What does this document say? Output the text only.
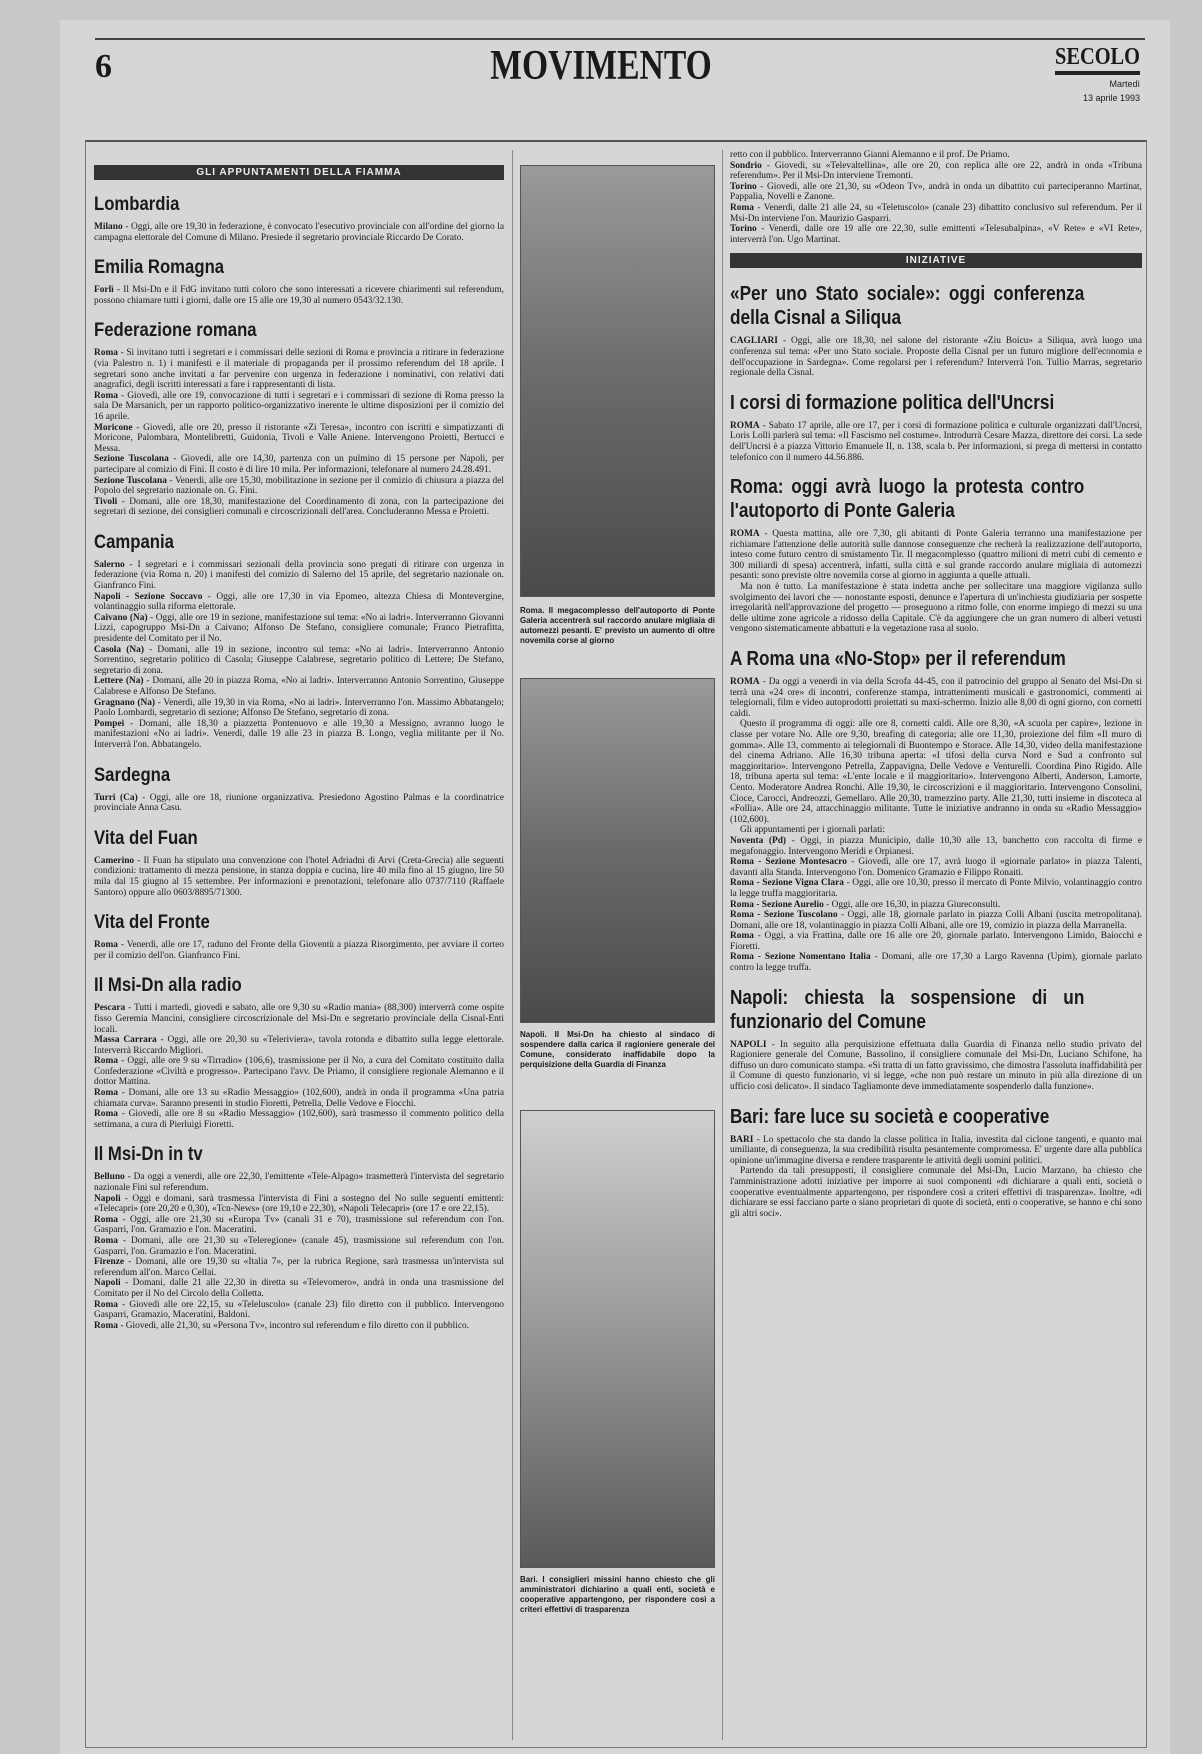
6	MOVIMENTO	SECOLO
Martedì
13 aprile 1993
GLI APPUNTAMENTI DELLA FIAMMA
Lombardia

Milano - Oggi, alle ore 19,30 in federazione, è convocato l'esecutivo provinciale con all'ordine del giorno la campagna elettorale del Comune di Milano. Presiede il segretario provinciale Riccardo De Corato.

Emilia Romagna

Forlì - Il Msi-Dn e il FdG invitano tutti coloro che sono interessati a ricevere chiarimenti sul referendum, possono chiamare tutti i giorni, dalle ore 15 alle ore 19,30 al numero 0543/32.130.

Federazione romana

Roma - Si invitano tutti i segretari e i commissari delle sezioni di Roma e provincia a ritirare in federazione (via Palestro n. 1) i manifesti e il materiale di propaganda per il prossimo referendum del 18 aprile. I segretari sono anche invitati a far pervenire con urgenza in federazione i nominativi, con relativi dati anagrafici, degli iscritti interessati a fare i rappresentanti di lista.

Roma - Giovedì, alle ore 19, convocazione di tutti i segretari e i commissari di sezione di Roma presso la sala De Marsanich, per un rapporto politico-organizzativo inerente le ultime disposizioni per il comizio del 16 aprile.

Moricone - Giovedì, alle ore 20, presso il ristorante «Zi Teresa», incontro con iscritti e simpatizzanti di Moricone, Palombara, Montelibretti, Guidonia, Tivoli e Valle Aniene. Intervengono Proietti, Bertucci e Messa.

Sezione Tuscolana - Giovedì, alle ore 14,30, partenza con un pulmino di 15 persone per Napoli, per partecipare al comizio di Fini. Il costo è di lire 10 mila. Per informazioni, telefonare al numero 24.28.491.

Sezione Tuscolana - Venerdì, alle ore 15,30, mobilitazione in sezione per il comizio di chiusura a piazza del Popolo del segretario nazionale on. G. Fini.

Tivoli - Domani, alle ore 18,30, manifestazione del Coordinamento di zona, con la partecipazione dei segretari di sezione, dei consiglieri comunali e circoscrizionali dell'area. Concluderanno Messa e Proietti.

Campania

Salerno - I segretari e i commissari sezionali della provincia sono pregati di ritirare con urgenza in federazione (via Roma n. 20) i manifesti del comizio di Salerno del 15 aprile, del segretario nazionale on. Gianfranco Fini.

Napoli - Sezione Soccavo - Oggi, alle ore 17,30 in via Epomeo, altezza Chiesa di Montevergine, volantinaggio sulla riforma elettorale.

Caivano (Na) - Oggi, alle ore 19 in sezione, manifestazione sul tema: «No ai ladri». Interverranno Giovanni Lizzi, capogruppo Msi-Dn a Caivano; Alfonso De Stefano, consigliere comunale; Franco Pietrafitta, presidente del Comitato per il No.

Casola (Na) - Domani, alle 19 in sezione, incontro sul tema: «No ai ladri». Interverranno Antonio Sorrentino, segretario politico di Casola; Giuseppe Calabrese, segretario politico di Lettere; De Stefano, segretario di zona.

Lettere (Na) - Domani, alle 20 in piazza Roma, «No ai ladri». Interverranno Antonio Sorrentino, Giuseppe Calabrese e Alfonso De Stefano.

Gragnano (Na) - Venerdì, alle 19,30 in via Roma, «No ai ladri». Interverranno l'on. Massimo Abbatangelo; Paolo Lombardi, segretario di sezione; Alfonso De Stefano, segretario di zona.

Pompei - Domani, alle 18,30 a piazzetta Pontenuovo e alle 19,30 a Messigno, avranno luogo le manifestazioni «No ai ladri». Venerdì, dalle 19 alle 23 in piazza B. Longo, veglia militante per il No. Interverrà l'on. Abbatangelo.

Sardegna

Turri (Ca) - Oggi, alle ore 18, riunione organizzativa. Presiedono Agostino Palmas e la coordinatrice provinciale Anna Casu.

Vita del Fuan

Camerino - Il Fuan ha stipulato una convenzione con l'hotel Adriadni di Arvi (Creta-Grecia) alle seguenti condizioni: trattamento di mezza pensione, in stanza doppia e cucina, lire 40 mila fino al 15 giugno, lire 50 mila dal 15 giugno al 15 settembre. Per informazioni e prenotazioni, telefonare allo 0737/7110 (Raffaele Santoro) oppure allo 0603/8895/71300.

Vita del Fronte

Roma - Venerdì, alle ore 17, raduno del Fronte della Gioventù a piazza Risorgimento, per avviare il corteo per il comizio dell'on. Gianfranco Fini.

Il Msi-Dn alla radio

Pescara - Tutti i martedì, giovedì e sabato, alle ore 9,30 su «Radio mania» (88,300) interverrà come ospite fisso Geremia Mancini, consigliere circoscrizionale del Msi-Dn e segretario provinciale della Cisnal-Enti locali.

Massa Carrara - Oggi, alle ore 20,30 su «Teleriviera», tavola rotonda e dibattito sulla legge elettorale. Interverrà Riccardo Migliori.

Roma - Oggi, alle ore 9 su «Tirradio» (106,6), trasmissione per il No, a cura del Comitato costituito dalla Confederazione «Civiltà e progresso». Partecipano l'avv. De Priamo, il consigliere regionale Alemanno e il dottor Mattina.

Roma - Domani, alle ore 13 su «Radio Messaggio» (102,600), andrà in onda il programma «Una patria chiamata curva». Saranno presenti in studio Fioretti, Petrella, Delle Vedove e Fiocchi.

Roma - Giovedì, alle ore 8 su «Radio Messaggio» (102,600), sarà trasmesso il commento politico della settimana, a cura di Pierluigi Fioretti.

Il Msi-Dn in tv

Belluno - Da oggi a venerdì, alle ore 22,30, l'emittente «Tele-Alpago» trasmetterà l'intervista del segretario nazionale Fini sul referendum.

Napoli - Oggi e domani, sarà trasmessa l'intervista di Fini a sostegno del No sulle seguenti emittenti: «Telecapri» (ore 20,20 e 0,30), «Tcn-News» (ore 19,10 e 22,30), «Napoli Telecapri» (ore 17 e ore 22,15).

Roma - Oggi, alle ore 21,30 su «Europa Tv» (canali 31 e 70), trasmissione sul referendum con l'on. Gasparri, l'on. Gramazio e l'on. Maceratini.

Roma - Domani, alle ore 21,30 su «Teleregione» (canale 45), trasmissione sul referendum con l'on. Gasparri, l'on. Gramazio e l'on. Maceratini.

Firenze - Domani, alle ore 19,30 su «Italia 7», per la rubrica Regione, sarà trasmessa un'intervista sul referendum all'on. Marco Cellai.

Napoli - Domani, dalle 21 alle 22,30 in diretta su «Televomero», andrà in onda una trasmissione del Comitato per il No del Circolo della Colletta.

Roma - Giovedì alle ore 22,15, su «Teleluscolo» (canale 23) filo diretto con il pubblico. Intervengono Gasparri, Gramazio, Maceratini, Baldoni.

Roma - Giovedì, alle 21,30, su «Persona Tv», incontro sul referendum e filo diretto con il pubblico.

Roma. Il megacomplesso dell'autoporto di Ponte Galeria accentrerà sul raccordo anulare migliaia di automezzi pesanti. E' previsto un aumento di oltre novemila corse al giorno
Napoli. Il Msi-Dn ha chiesto al sindaco di sospendere dalla carica il ragioniere generale del Comune, considerato inaffidabile dopo la perquisizione della Guardia di Finanza
Bari. I consiglieri missini hanno chiesto che gli amministratori dichiarino a quali enti, società e cooperative appartengono, per rispondere così a criteri effettivi di trasparenza

retto con il pubblico. Interverranno Gianni Alemanno e il prof. De Priamo.

Sondrio - Giovedì, su «Televaltellina», alle ore 20, con replica alle ore 22, andrà in onda «Tribuna referendum». Per il Msi-Dn interviene Tremonti.

Torino - Giovedì, alle ore 21,30, su «Odeon Tv», andrà in onda un dibattito cui parteciperanno Martinat, Pappalia, Novelli e Zanone.

Roma - Venerdì, dalle 21 alle 24, su «Teletuscolo» (canale 23) dibattito conclusivo sul referendum. Per il Msi-Dn interviene l'on. Maurizio Gasparri.

Torino - Venerdì, dalle ore 19 alle ore 22,30, sulle emittenti «Telesubalpina», «V Rete» e «VI Rete», interverrà l'on. Ugo Martinat.

INIZIATIVE
«Per uno Stato sociale»: oggi conferenza della Cisnal a Siliqua

CAGLIARI - Oggi, alle ore 18,30, nel salone del ristorante «Ziu Boicu» a Siliqua, avrà luogo una conferenza sul tema: «Per uno Stato sociale. Proposte della Cisnal per un futuro migliore dell'economia e dell'occupazione in Sardegna». Come regolarsi per i referendum? Interverrà l'on. Tullio Marras, segretario regionale della Cisnal.

I corsi di formazione politica dell'Uncrsi

ROMA - Sabato 17 aprile, alle ore 17, per i corsi di formazione politica e culturale organizzati dall'Uncrsi, Loris Lolli parlerà sul tema: «Il Fascismo nel costume». Introdurrà Cesare Mazza, direttore dei corsi. La sede dell'Uncrsi è a piazza Vittorio Emanuele II, n. 138, scala b. Per informazioni, si prega di mettersi in contatto telefonico con il numero 44.56.886.

Roma: oggi avrà luogo la protesta contro l'autoporto di Ponte Galeria

ROMA - Questa mattina, alle ore 7,30, gli abitanti di Ponte Galeria terranno una manifestazione per richiamare l'attenzione delle autorità sulle dannose conseguenze che recherà la realizzazione dell'autoporto, inteso come futuro centro di smistamento Tir. Il megacomplesso (quattro milioni di metri cubi di cemento e 300 miliardi di spesa) accentrerà, infatti, sulla città e sul grande raccordo anulare migliaia di automezzi pesanti: sono previste oltre novemila corse al giorno in aggiunta a quelle attuali.

Ma non è tutto. La manifestazione è stata indetta anche per sollecitare una maggiore vigilanza sullo svolgimento dei lavori che — nonostante esposti, denunce e l'apertura di un'inchiesta giudiziaria per sospette irregolarità nell'approvazione del progetto — proseguono a ritmo folle, con enorme impiego di mezzi su una delle ultime zone agricole a ridosso della Capitale. C'è da aggiungere che un gran numero di alberi vetusti vengono sistematicamente abbattuti e la vegetazione rasa al suolo.

A Roma una «No-Stop» per il referendum

ROMA - Da oggi a venerdì in via della Scrofa 44-45, con il patrocinio del gruppo al Senato del Msi-Dn si terrà una «24 ore» di incontri, conferenze stampa, intrattenimenti musicali e gastronomici, commenti ai telegiornali, film e video autoprodotti proiettati su maxi-schermo. Inizio alle 8,00 di ogni giorno, con cornetti caldi.

Questo il programma di oggi: alle ore 8, cornetti caldi. Alle ore 8,30, «A scuola per capire», lezione in classe per votare No. Alle ore 9,30, breafing di categoria; alle ore 11,30, proiezione del film «Il muro di gomma». Alle 13, commento ai telegiornali di Buontempo e Storace. Alle 14,30, video della manifestazione del cinema Adriano. Alle 16,30 tribuna aperta: «I tifosi della curva Nord e Sud a confronto sul maggioritario». Intervengono Petrella, Zappavigna, Delle Vedove e Venturelli. Coordina Pino Rigido. Alle 18, tribuna aperta sul tema: «L'ente locale e il maggioritario». Intervengono Alberti, Anderson, Lamorte, Cento. Moderatore Andrea Ronchi. Alle 19,30, le circoscrizioni e il maggioritario. Intervengono Consolini, Cioce, Carocci, Andreozzi, Gemellaro. Alle 20,30, tramezzino party. Alle 21,30, tutti insieme in discoteca al «Follia». Alle ore 24, attacchinaggio militante. Tutte le iniziative andranno in onda su «Radio Messaggio» (102,600).

Gli appuntamenti per i giornali parlati:

Noventa (Pd) - Oggi, in piazza Municipio, dalle 10,30 alle 13, banchetto con raccolta di firme e megafonaggio. Intervengono Meridi e Orpianesi.

Roma - Sezione Montesacro - Giovedì, alle ore 17, avrà luogo il «giornale parlato» in piazza Talenti, davanti alla Standa. Intervengono l'on. Domenico Gramazio e Filippo Ronaiti.

Roma - Sezione Vigna Clara - Oggi, alle ore 10,30, presso il mercato di Ponte Milvio, volantinaggio contro la legge truffa maggioritaria.

Roma - Sezione Aurelio - Oggi, alle ore 16,30, in piazza Giureconsulti.

Roma - Sezione Tuscolano - Oggi, alle 18, giornale parlato in piazza Colli Albani (uscita metropolitana). Domani, alle ore 18, volantinaggio in piazza Colli Albani, alle ore 19, comizio in piazza della Marranella.

Roma - Oggi, a via Frattina, dalle ore 16 alle ore 20, giornale parlato. Intervengono Limido, Baiocchi e Fioretti.

Roma - Sezione Nomentano Italia - Domani, alle ore 17,30 a Largo Ravenna (Upim), giornale parlato contro la legge truffa.

Napoli: chiesta la sospensione di un funzionario del Comune

NAPOLI - In seguito alla perquisizione effettuata dalla Guardia di Finanza nello studio privato del Ragioniere generale del Comune, Bassolino, il consigliere comunale del Msi-Dn, Luciano Schifone, ha diffuso un duro comunicato stampa. «Si tratta di un fatto gravissimo, che dimostra l'assoluta inaffidabilità per il Comune di questo funzionario, vi si legge, «che non può restare un minuto in più alla direzione di un ufficio così delicato». Il sindaco Tagliamonte deve immediatamente sospenderlo dalla funzione».

Bari: fare luce su società e cooperative

BARI - Lo spettacolo che sta dando la classe politica in Italia, investita dal ciclone tangenti, e quanto mai umiliante, di conseguenza, la sua credibilità risulta pesantemente compromessa. E' urgente dare alla pubblica opinione un'immagine diversa e rendere trasparente le attività degli uomini politici.

Partendo da tali presupposti, il consigliere comunale del Msi-Dn, Lucio Marzano, ha chiesto che l'amministrazione adotti iniziative per imporre ai suoi componenti «di dichiarare a quali enti, società o cooperative eventualmente appartengono, per rispondere così a criteri effettivi di trasparenza». Inoltre, «di dichiarare se essi facciano parte o siano proprietari di quote di società, enti o cooperative, se hanno e chi sono gli altri soci».
